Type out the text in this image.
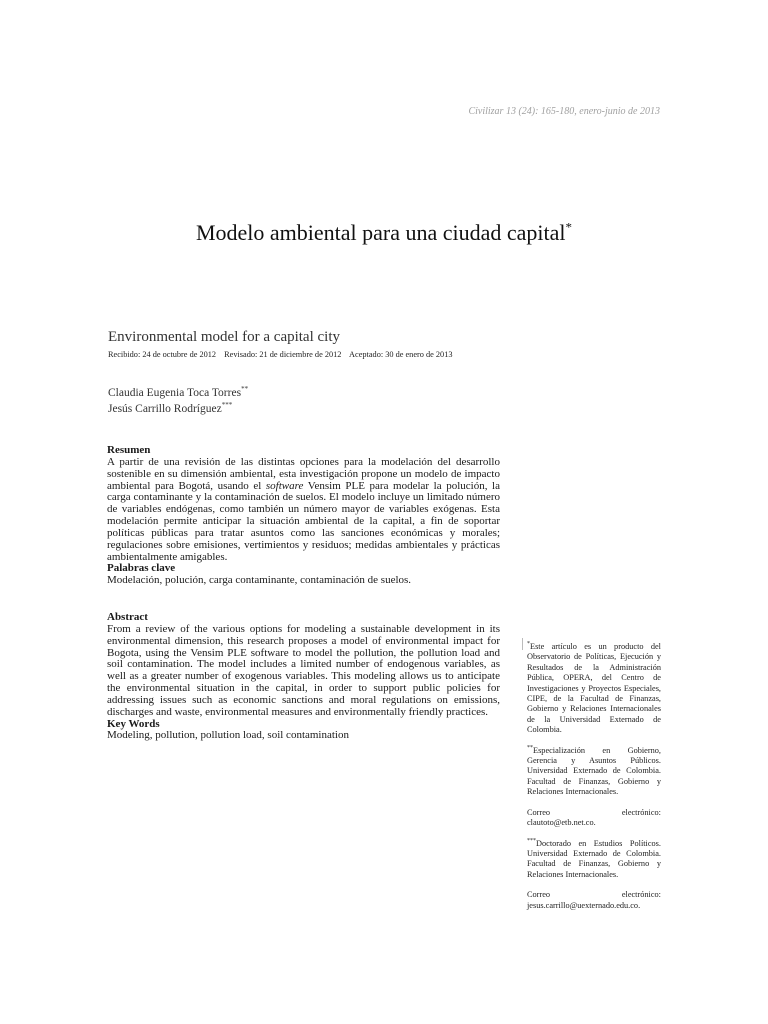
Civilizar 13 (24): 165-180, enero-junio de 2013
Modelo ambiental para una ciudad capital*
Environmental model for a capital city
Recibido: 24 de octubre de 2012 Revisado: 21 de diciembre de 2012 Aceptado: 30 de enero de 2013
Claudia Eugenia Toca Torres**
Jesús Carrillo Rodríguez***
Resumen
A partir de una revisión de las distintas opciones para la modelación del desarrollo sostenible en su dimensión ambiental, esta investigación propone un modelo de impacto ambiental para Bogotá, usando el software Vensim PLE para modelar la polución, la carga contaminante y la contaminación de suelos. El modelo incluye un limitado número de variables endógenas, como también un número mayor de variables exógenas. Esta modelación permite anticipar la situación ambiental de la capital, a fin de soportar políticas públicas para tratar asuntos como las sanciones económicas y morales; regulaciones sobre emisiones, vertimientos y residuos; medidas ambientales y prácticas ambientalmente amigables.
Palabras clave
Modelación, polución, carga contaminante, contaminación de suelos.
Abstract
From a review of the various options for modeling a sustainable development in its environmental dimension, this research proposes a model of environmental impact for Bogota, using the Vensim PLE software to model the pollution, the pollution load and soil contamination. The model includes a limited number of endogenous variables, as well as a greater number of exogenous variables. This modeling allows us to anticipate the environmental situation in the capital, in order to support public policies for addressing issues such as economic sanctions and moral regulations on emissions, discharges and waste, environmental measures and environmentally friendly practices.
Key Words
Modeling, pollution, pollution load, soil contamination

*Este artículo es un producto del Observatorio de Políticas, Ejecución y Resultados de la Administración Pública, OPERA, del Centro de Investigaciones y Proyectos Especiales, CIPE, de la Facultad de Finanzas, Gobierno y Relaciones Internacionales de la Universidad Externado de Colombia.

**Especialización en Gobierno, Gerencia y Asuntos Públicos. Universidad Externado de Colombia. Facultad de Finanzas, Gobierno y Relaciones Internacionales.

Correo electrónico: clautoto@etb.net.co.

***Doctorado en Estudios Políticos. Universidad Externado de Colombia. Facultad de Finanzas, Gobierno y Relaciones Internacionales.

Correo electrónico: jesus.carrillo@uexternado.edu.co.
